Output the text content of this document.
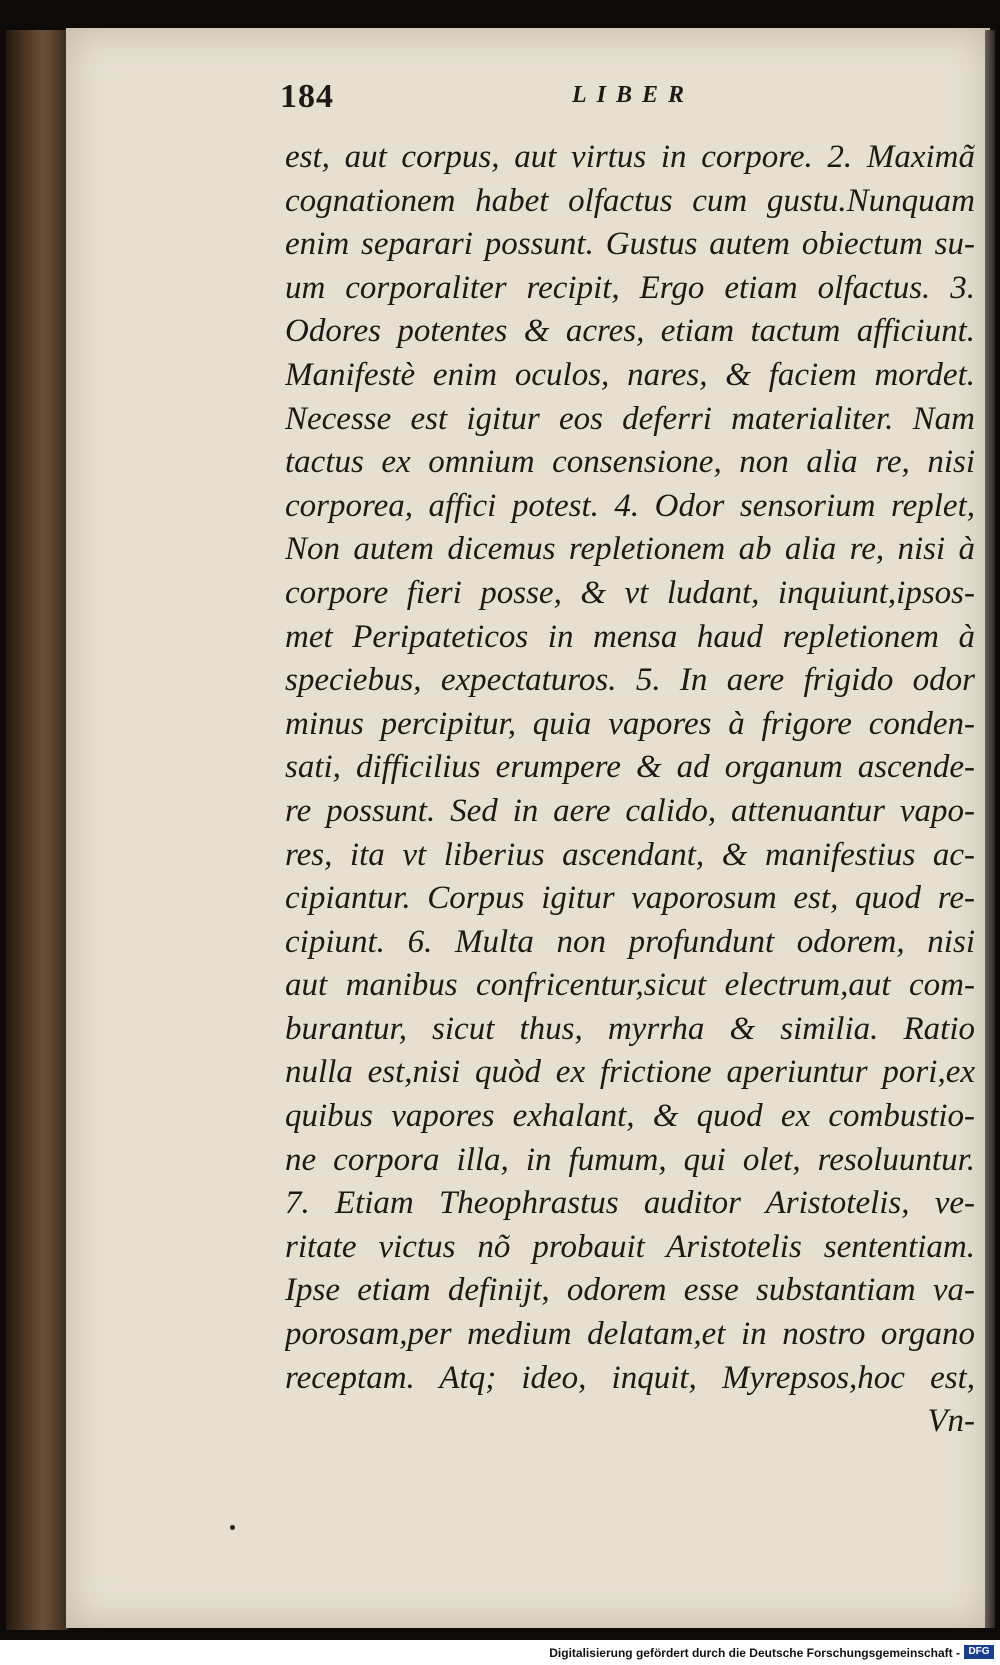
184	LIBER
est, aut corpus, aut virtus in corpore. 2. Maximã
cognationem habet olfactus cum gustu.Nunquam
enim separari possunt. Gustus autem obiectum su-
um corporaliter recipit, Ergo etiam olfactus. 3.
Odores potentes & acres, etiam tactum afficiunt.
Manifestè enim oculos, nares, & faciem mordet.
Necesse est igitur eos deferri materialiter. Nam
tactus ex omnium consensione, non alia re, nisi
corporea, affici potest. 4. Odor sensorium replet,
Non autem dicemus repletionem ab alia re, nisi à
corpore fieri posse, & vt ludant, inquiunt,ipsos-
met Peripateticos in mensa haud repletionem à
speciebus, expectaturos. 5. In aere frigido odor
minus percipitur, quia vapores à frigore conden-
sati, difficilius erumpere & ad organum ascende-
re possunt. Sed in aere calido, attenuantur vapo-
res, ita vt liberius ascendant, & manifestius ac-
cipiantur. Corpus igitur vaporosum est, quod re-
cipiunt. 6. Multa non profundunt odorem, nisi
aut manibus confricentur,sicut electrum,aut com-
burantur, sicut thus, myrrha & similia. Ratio
nulla est,nisi quòd ex frictione aperiuntur pori,ex
quibus vapores exhalant, & quod ex combustio-
ne corpora illa, in fumum, qui olet, resoluuntur.
7. Etiam Theophrastus auditor Aristotelis, ve-
ritate victus nõ probauit Aristotelis sententiam.
Ipse etiam definijt, odorem esse substantiam va-
porosam,per medium delatam,et in nostro organo
receptam. Atq; ideo, inquit, Myrepsos,hoc est,
Vn-
Digitalisierung gefördert durch die Deutsche Forschungsgemeinschaft - DFG
